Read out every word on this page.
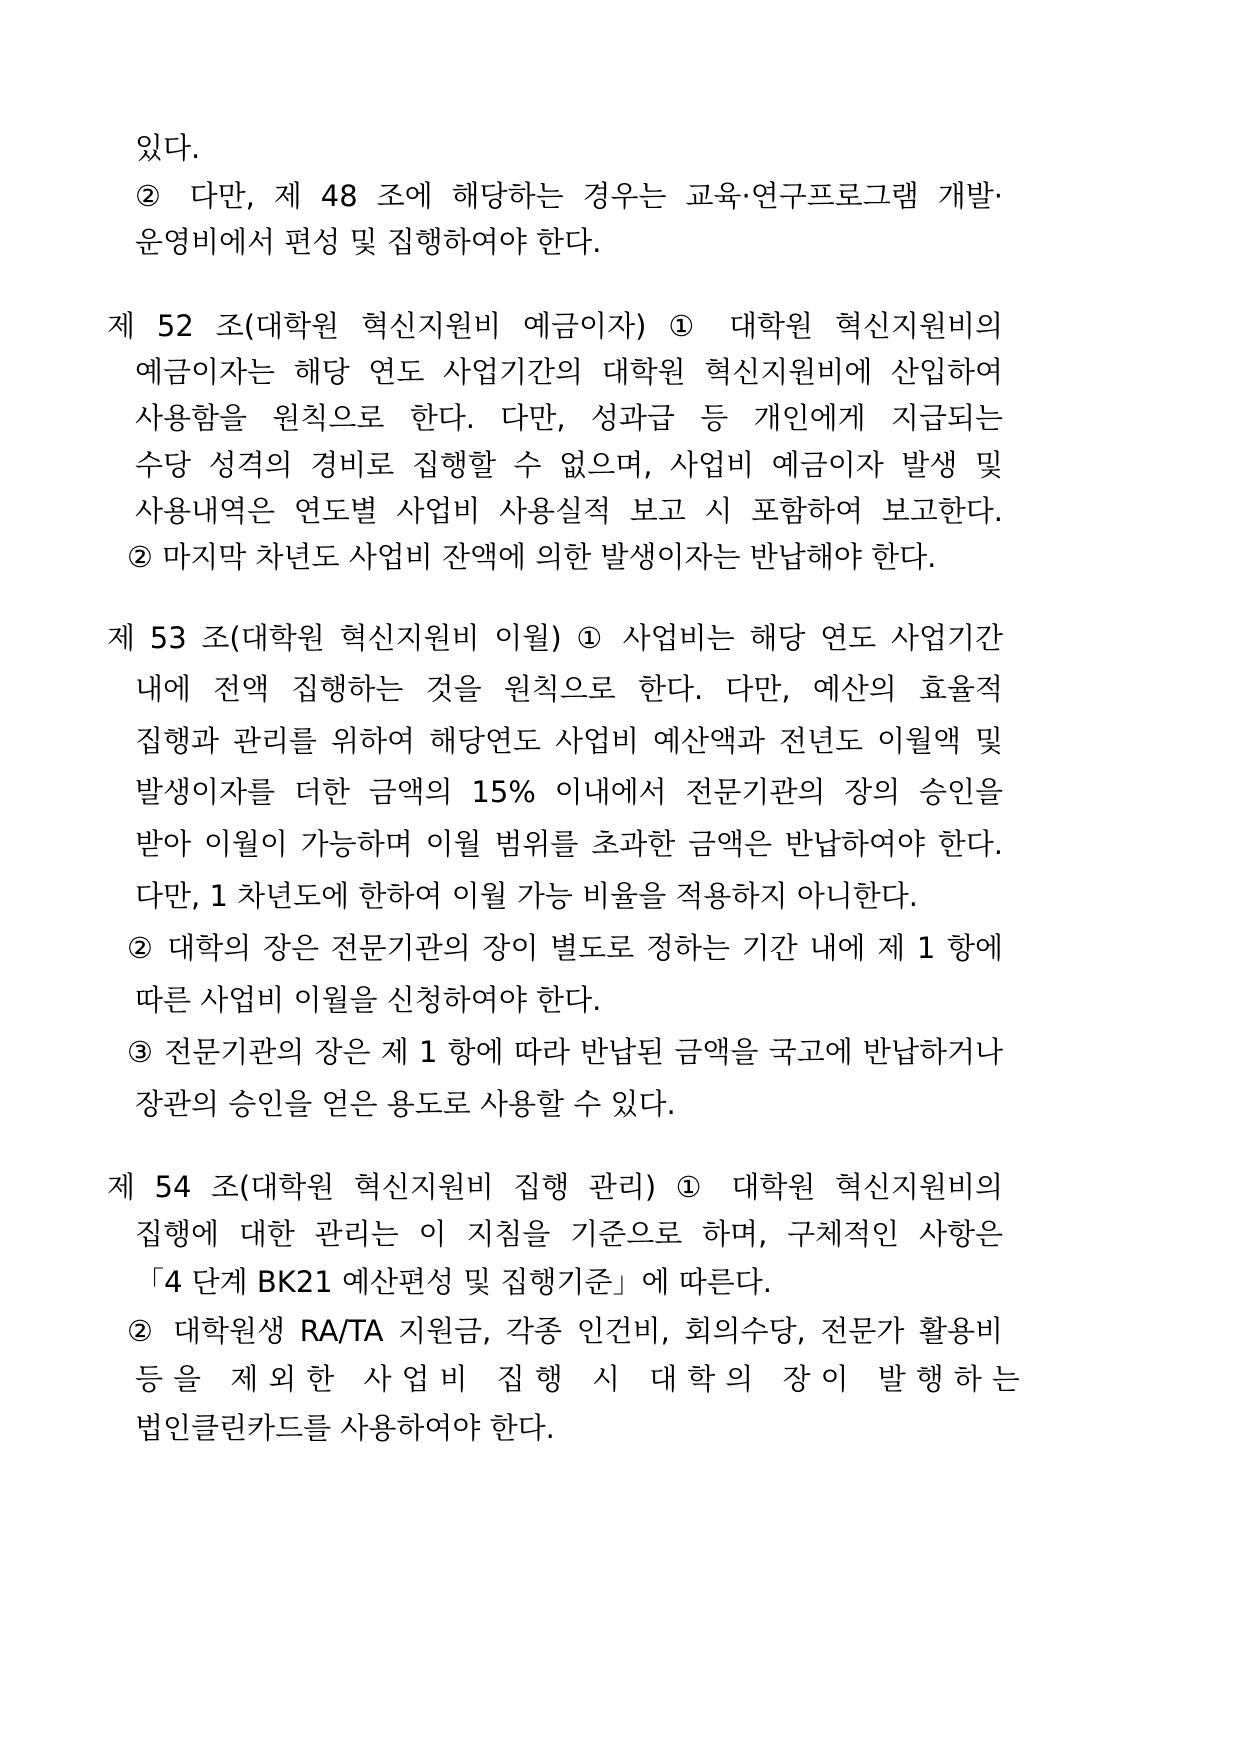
있다.
② 다만, 제 48 조에 해당하는 경우는 교육·연구프로그램 개발·
운영비에서 편성 및 집행하여야 한다.
제 52 조(대학원 혁신지원비 예금이자) ① 대학원 혁신지원비의
예금이자는 해당 연도 사업기간의 대학원 혁신지원비에 산입하여
사용함을 원칙으로 한다. 다만, 성과급 등 개인에게 지급되는
수당 성격의 경비로 집행할 수 없으며, 사업비 예금이자 발생 및
사용내역은 연도별 사업비 사용실적 보고 시 포함하여 보고한다.
② 마지막 차년도 사업비 잔액에 의한 발생이자는 반납해야 한다.
제 53 조(대학원 혁신지원비 이월) ① 사업비는 해당 연도 사업기간
내에 전액 집행하는 것을 원칙으로 한다. 다만, 예산의 효율적
집행과 관리를 위하여 해당연도 사업비 예산액과 전년도 이월액 및
발생이자를 더한 금액의 15% 이내에서 전문기관의 장의 승인을
받아 이월이 가능하며 이월 범위를 초과한 금액은 반납하여야 한다.
다만, 1 차년도에 한하여 이월 가능 비율을 적용하지 아니한다.
② 대학의 장은 전문기관의 장이 별도로 정하는 기간 내에 제 1 항에
따른 사업비 이월을 신청하여야 한다.
③ 전문기관의 장은 제 1 항에 따라 반납된 금액을 국고에 반납하거나
장관의 승인을 얻은 용도로 사용할 수 있다.
제 54 조(대학원 혁신지원비 집행 관리) ① 대학원 혁신지원비의
집행에 대한 관리는 이 지침을 기준으로 하며, 구체적인 사항은
「4 단계 BK21 예산편성 및 집행기준」에 따른다.
② 대학원생 RA/TA 지원금, 각종 인건비, 회의수당, 전문가 활용비
등을 제외한 사업비 집행 시 대학의 장이 발행하는
법인클린카드를 사용하여야 한다.
